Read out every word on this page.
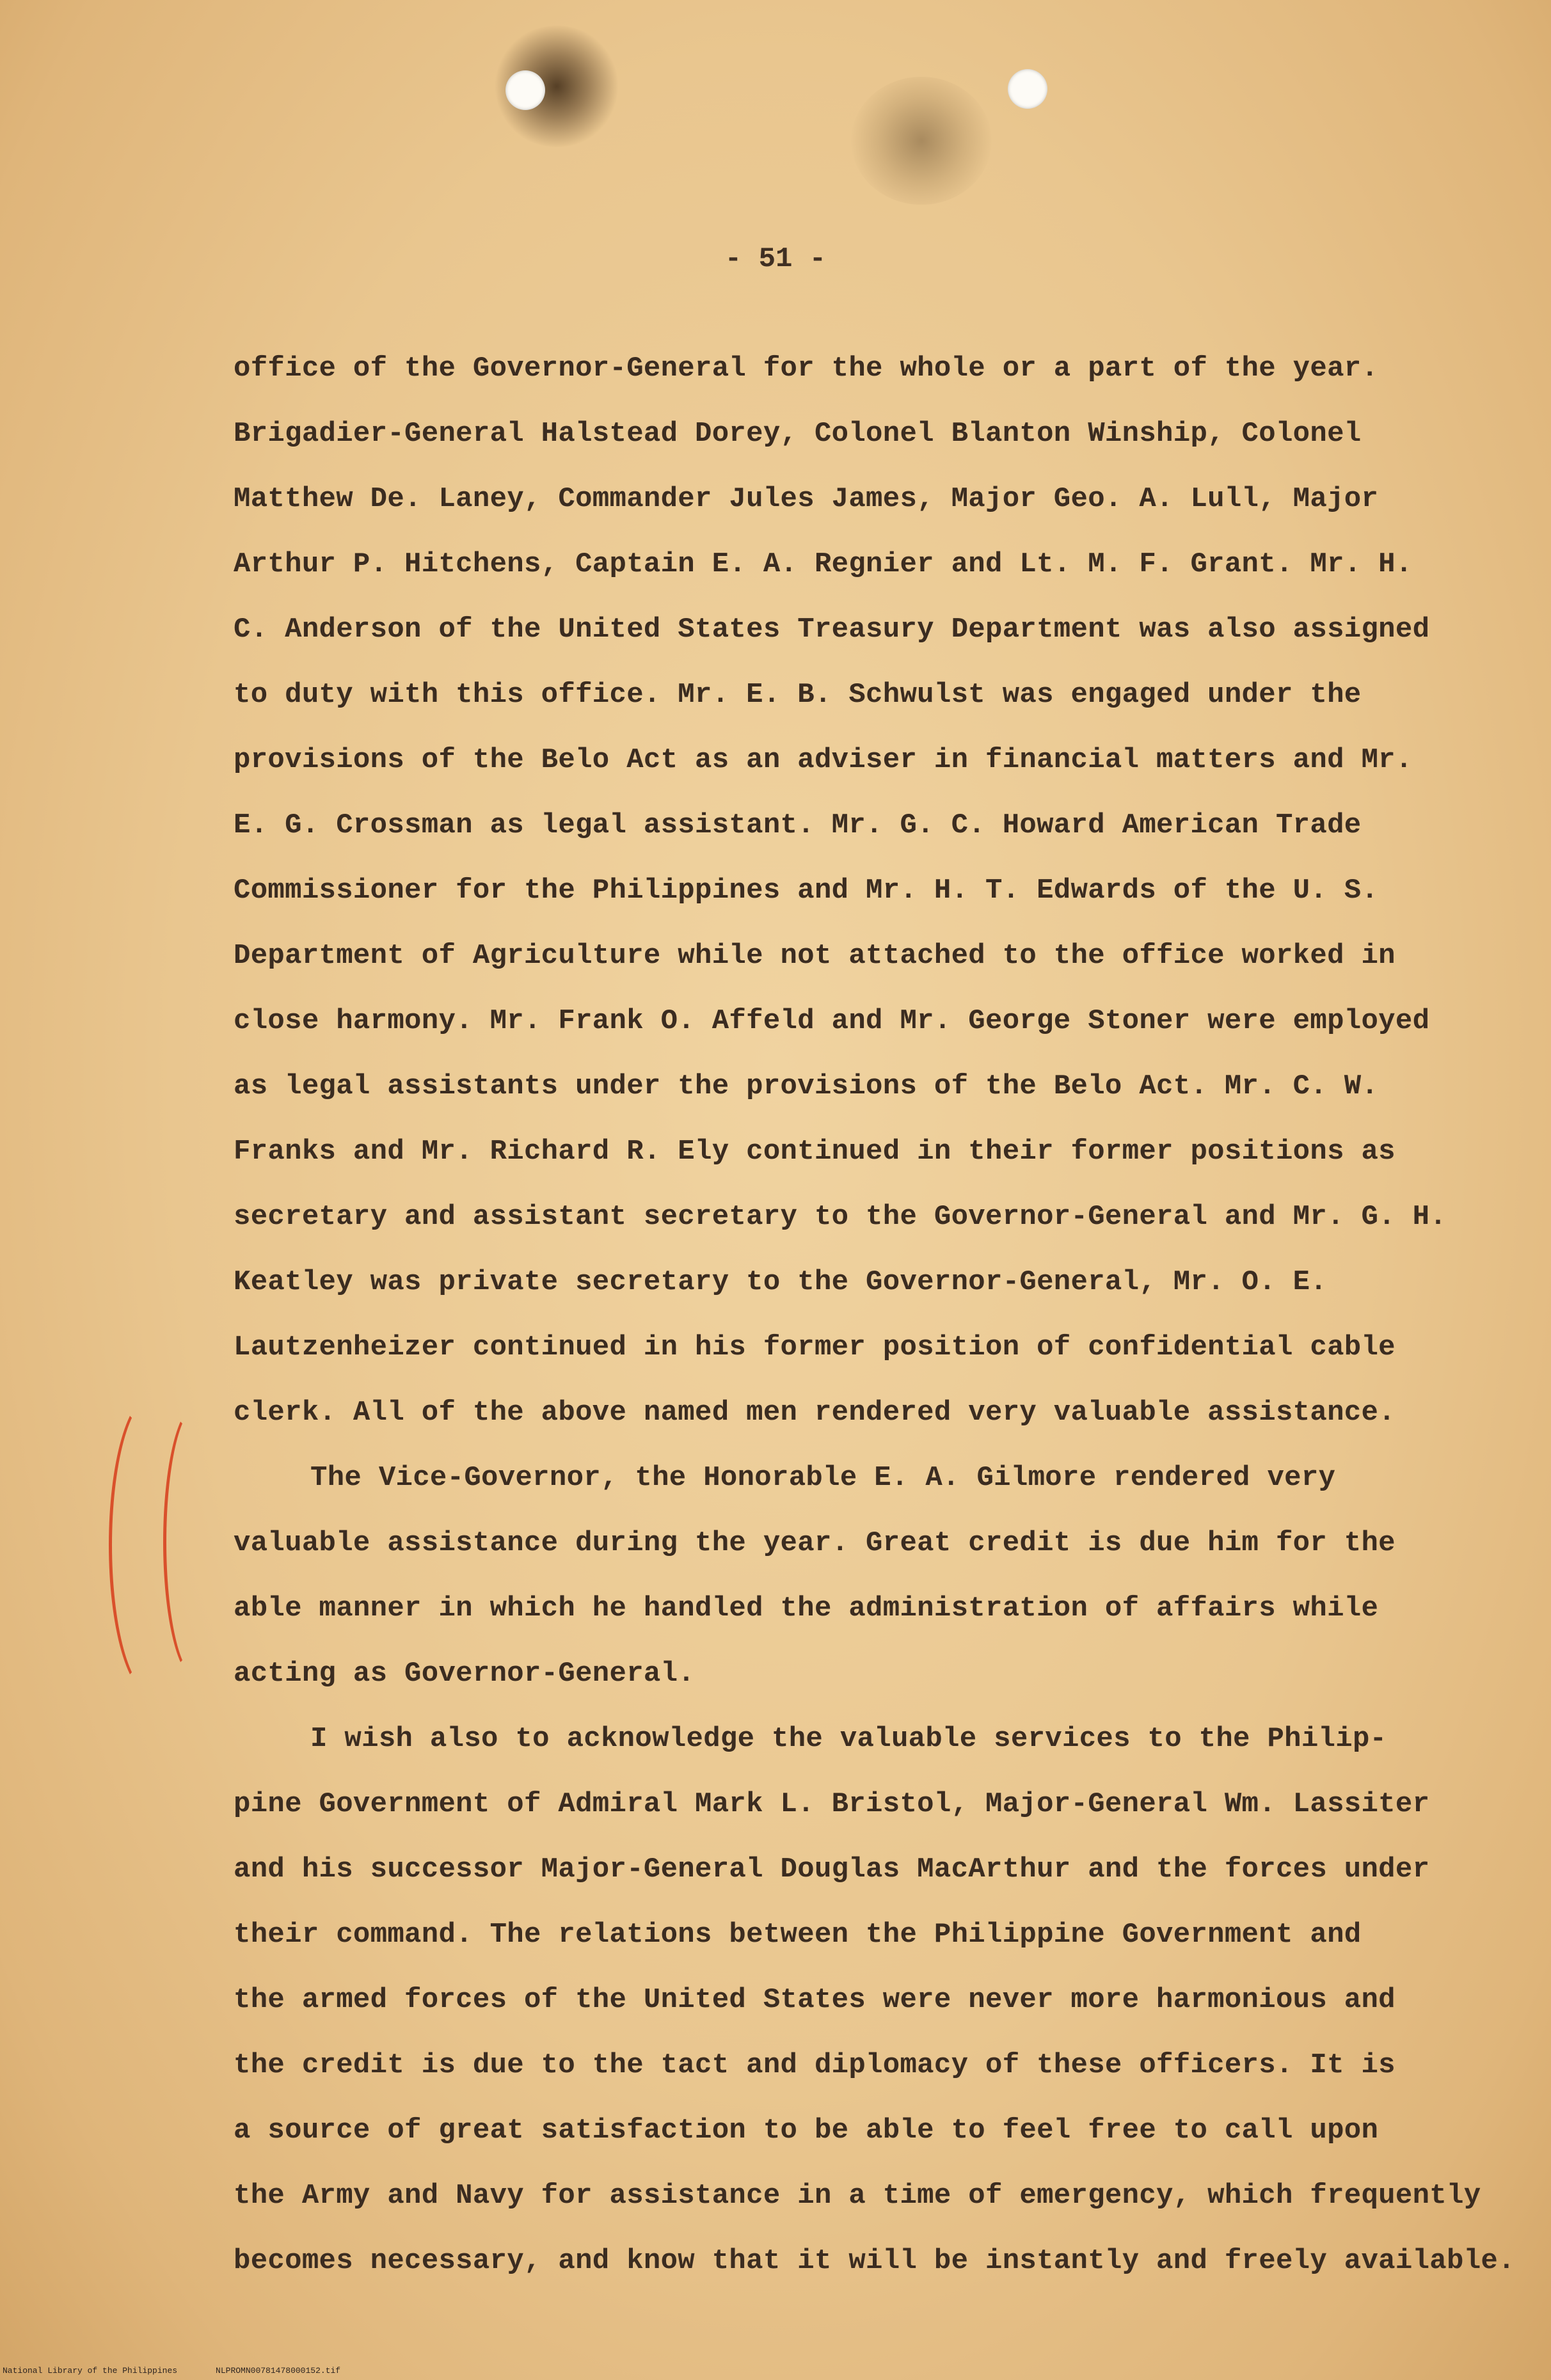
- 51 -
office of the Governor-General for the whole or a part of the year.
Brigadier-General Halstead Dorey, Colonel Blanton Winship, Colonel
Matthew De. Laney, Commander Jules James, Major Geo. A. Lull, Major
Arthur P. Hitchens, Captain E. A. Regnier and Lt. M. F. Grant. Mr. H.
C. Anderson of the United States Treasury Department was also assigned
to duty with this office. Mr. E. B. Schwulst was engaged under the
provisions of the Belo Act as an adviser in financial matters and Mr.
E. G. Crossman as legal assistant. Mr. G. C. Howard American Trade
Commissioner for the Philippines and Mr. H. T. Edwards of the U. S.
Department of Agriculture while not attached to the office worked in
close harmony. Mr. Frank O. Affeld and Mr. George Stoner were employed
as legal assistants under the provisions of the Belo Act. Mr. C. W.
Franks and Mr. Richard R. Ely continued in their former positions as
secretary and assistant secretary to the Governor-General and Mr. G. H.
Keatley was private secretary to the Governor-General, Mr. O. E.
Lautzenheizer continued in his former position of confidential cable
clerk. All of the above named men rendered very valuable assistance.
The Vice-Governor, the Honorable E. A. Gilmore rendered very
valuable assistance during the year. Great credit is due him for the
able manner in which he handled the administration of affairs while
acting as Governor-General.
I wish also to acknowledge the valuable services to the Philip-
pine Government of Admiral Mark L. Bristol, Major-General Wm. Lassiter
and his successor Major-General Douglas MacArthur and the forces under
their command. The relations between the Philippine Government and
the armed forces of the United States were never more harmonious and
the credit is due to the tact and diplomacy of these officers. It is
a source of great satisfaction to be able to feel free to call upon
the Army and Navy for assistance in a time of emergency, which frequently
becomes necessary, and know that it will be instantly and freely available.
National Library of the Philippines	NLPROMN00781478000152.tif
